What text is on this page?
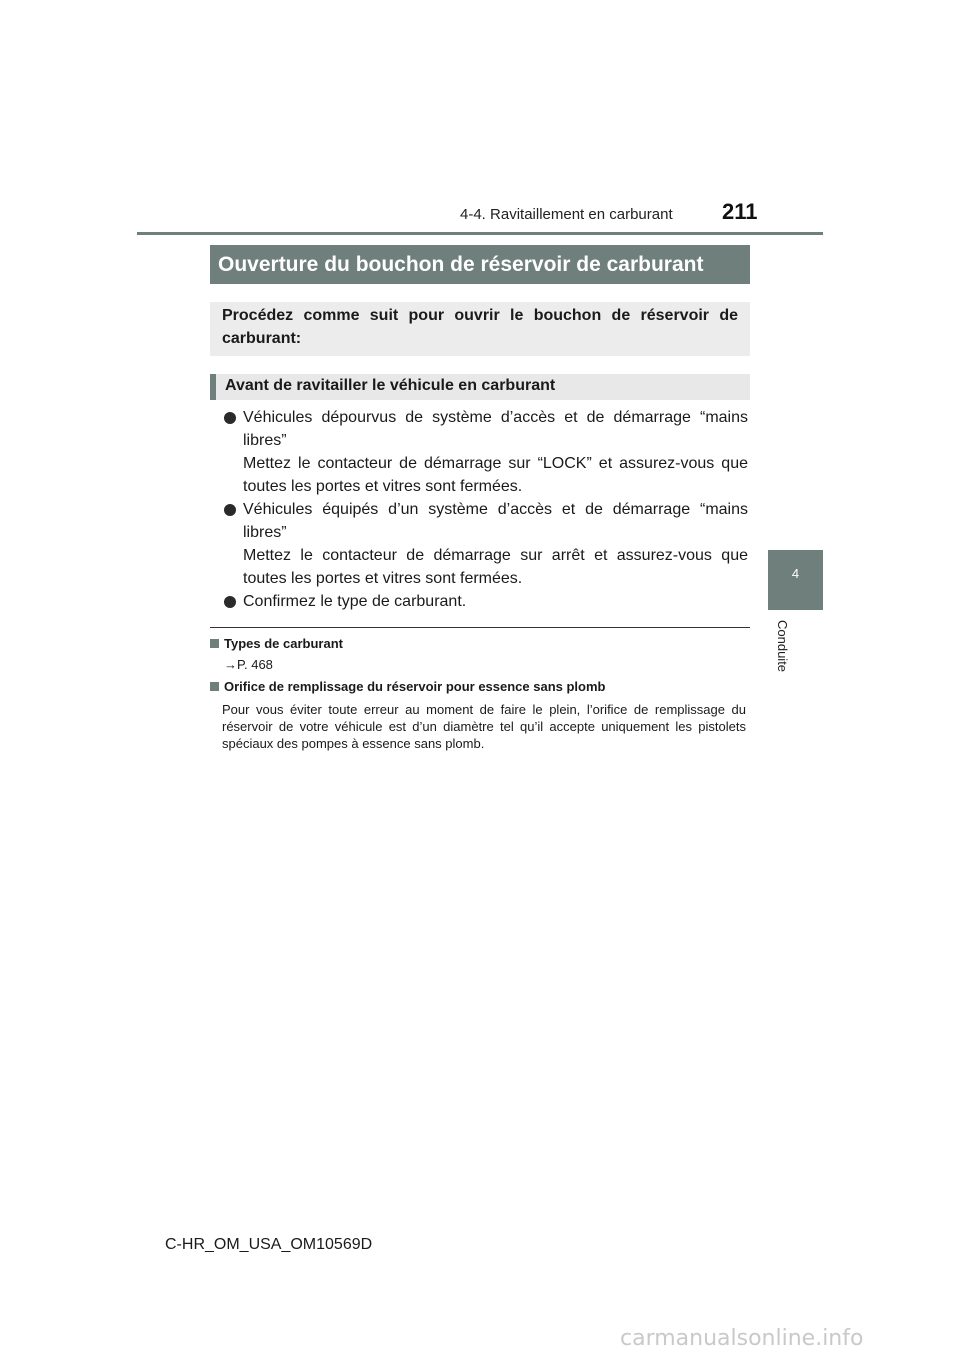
4-4. Ravitaillement en carburant 211
4
Conduite
Ouverture du bouchon de réservoir de carburant
Procédez comme suit pour ouvrir le bouchon de réservoir de carburant:
Avant de ravitailler le véhicule en carburant

Véhicules dépourvus de système d’accès et de démarrage “mains libres”

Mettez le contacteur de démarrage sur “LOCK” et assurez-vous que toutes les portes et vitres sont fermées.

Véhicules équipés d’un système d’accès et de démarrage “mains libres”

Mettez le contacteur de démarrage sur arrêt et assurez-vous que toutes les portes et vitres sont fermées.

Confirmez le type de carburant.

Types de carburant
→P. 468
Orifice de remplissage du réservoir pour essence sans plomb
Pour vous éviter toute erreur au moment de faire le plein, l’orifice de remplissage du réservoir de votre véhicule est d’un diamètre tel qu’il accepte uniquement les pistolets spéciaux des pompes à essence sans plomb.
C-HR_OM_USA_OM10569D
carmanualsonline.info
